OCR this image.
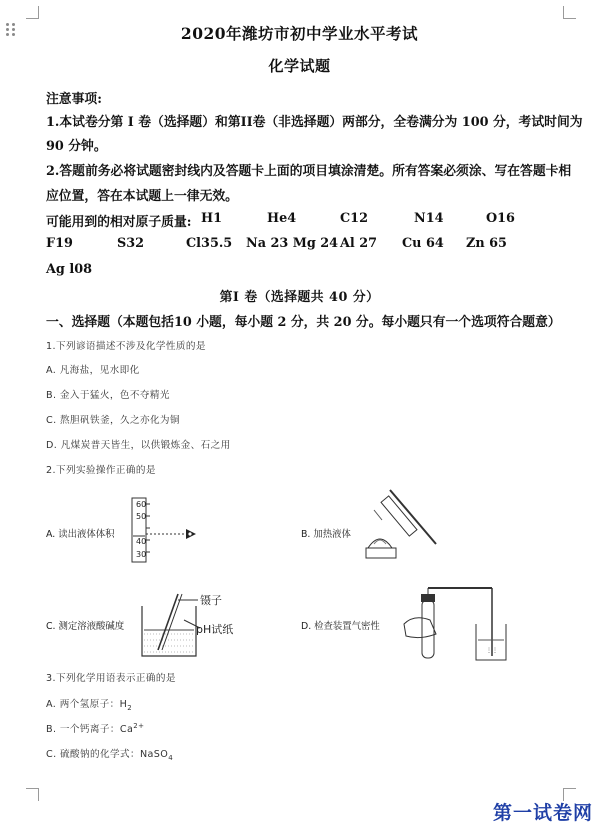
2020年潍坊市初中学业水平考试
化学试题
注意事项:
1.本试卷分第 I 卷（选择题）和第II卷（非选择题）两部分，全卷满分为 100 分，考试时间为
90 分钟。
2.答题前务必将试题密封线内及答题卡上面的项目填涂清楚。所有答案必须涂、写在答题卡相
应位置，答在本试题上一律无效。
可能用到的相对原子质量: H1	He4	C12	N14	O16
F19	S32	Cl35.5 Na 23 Mg 24 Al 27 Cu 64 Zn 65
Ag l08
第I 卷（选择题共 40 分）
一、选择题（本题包括10 小题，每小题 2 分，共 20 分。每小题只有一个选项符合题意）
1.下列谚语描述不涉及化学性质的是
A. 凡海盐，见水即化
B. 金入于猛火，色不夺精光
C. 熬胆矾铁釜，久之亦化为铜
D. 凡煤炭普天皆生，以供锻炼金、石之用
2.下列实验操作正确的是
A. 读出液体体积
60
50
40
30
B. 加热液体
C. 测定溶液酸碱度
镊子
pH试纸	D. 检查装置气密性
⋮⋮
3.下列化学用语表示正确的是
A. 两个氢原子：$H_2$
B. 一个钙离子：$Ca^{2+}$
C. 硫酸钠的化学式：NaSO$_4$
第一试卷网
